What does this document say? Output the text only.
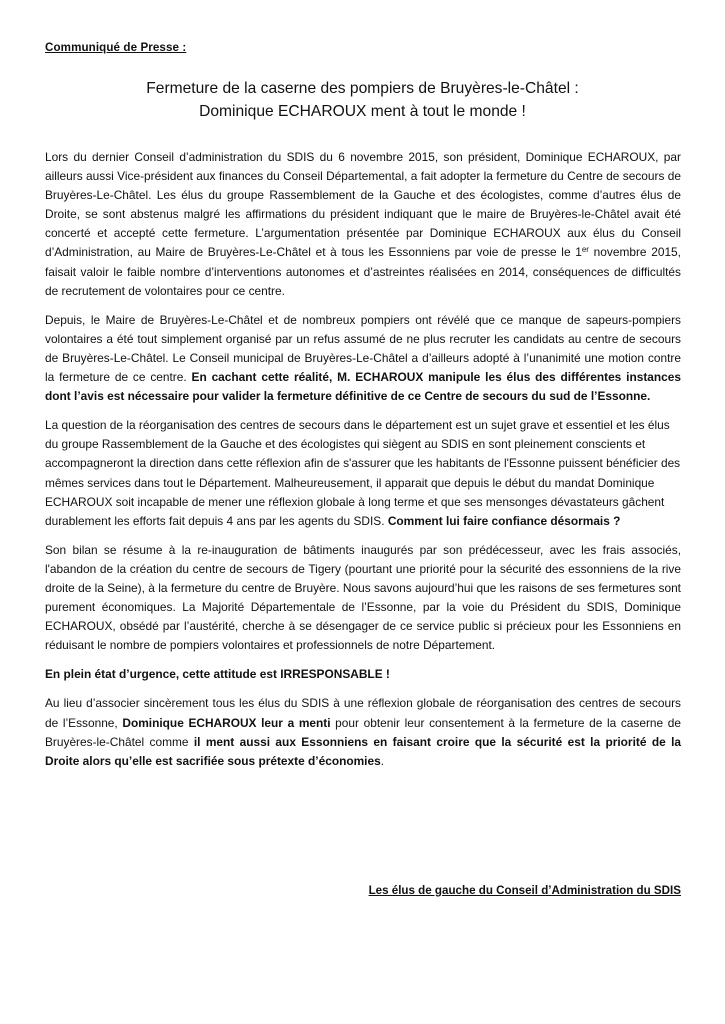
Communiqué de Presse :
Fermeture de la caserne des pompiers de Bruyères-le-Châtel :
Dominique ECHAROUX ment à tout le monde !

Lors du dernier Conseil d’administration du SDIS du 6 novembre 2015, son président, Dominique ECHAROUX, par ailleurs aussi Vice-président aux finances du Conseil Départemental, a fait adopter la fermeture du Centre de secours de Bruyères-Le-Châtel. Les élus du groupe Rassemblement de la Gauche et des écologistes, comme d’autres élus de Droite, se sont abstenus malgré les affirmations du président indiquant que le maire de Bruyères-le-Châtel avait été concerté et accepté cette fermeture. L’argumentation présentée par Dominique ECHAROUX aux élus du Conseil d’Administration, au Maire de Bruyères-Le-Châtel et à tous les Essonniens par voie de presse le 1er novembre 2015, faisait valoir le faible nombre d’interventions autonomes et d’astreintes réalisées en 2014, conséquences de difficultés de recrutement de volontaires pour ce centre.

Depuis, le Maire de Bruyères-Le-Châtel et de nombreux pompiers ont révélé que ce manque de sapeurs-pompiers volontaires a été tout simplement organisé par un refus assumé de ne plus recruter les candidats au centre de secours de Bruyères-Le-Châtel. Le Conseil municipal de Bruyères-Le-Châtel a d’ailleurs adopté à l’unanimité une motion contre la fermeture de ce centre. En cachant cette réalité, M. ECHAROUX manipule les élus des différentes instances dont l’avis est nécessaire pour valider la fermeture définitive de ce Centre de secours du sud de l’Essonne.

La question de la réorganisation des centres de secours dans le département est un sujet grave et essentiel et les élus du groupe Rassemblement de la Gauche et des écologistes qui siègent au SDIS en sont pleinement conscients et accompagneront la direction dans cette réflexion afin de s'assurer que les habitants de l'Essonne puissent bénéficier des mêmes services dans tout le Département. Malheureusement, il apparait que depuis le début du mandat Dominique ECHAROUX soit incapable de mener une réflexion globale à long terme et que ses mensonges dévastateurs gâchent durablement les efforts fait depuis 4 ans par les agents du SDIS. Comment lui faire confiance désormais ?

Son bilan se résume à la re-inauguration de bâtiments inaugurés par son prédécesseur, avec les frais associés, l'abandon de la création du centre de secours de Tigery (pourtant une priorité pour la sécurité des essonniens de la rive droite de la Seine), à la fermeture du centre de Bruyère. Nous savons aujourd’hui que les raisons de ses fermetures sont purement économiques. La Majorité Départementale de l’Essonne, par la voie du Président du SDIS, Dominique ECHAROUX, obsédé par l’austérité, cherche à se désengager de ce service public si précieux pour les Essonniens en réduisant le nombre de pompiers volontaires et professionnels de notre Département.

En plein état d’urgence, cette attitude est IRRESPONSABLE !

Au lieu d’associer sincèrement tous les élus du SDIS à une réflexion globale de réorganisation des centres de secours de l’Essonne, Dominique ECHAROUX leur a menti pour obtenir leur consentement à la fermeture de la caserne de Bruyères-le-Châtel comme il ment aussi aux Essonniens en faisant croire que la sécurité est la priorité de la Droite alors qu’elle est sacrifiée sous prétexte d’économies.

Les élus de gauche du Conseil d’Administration du SDIS
